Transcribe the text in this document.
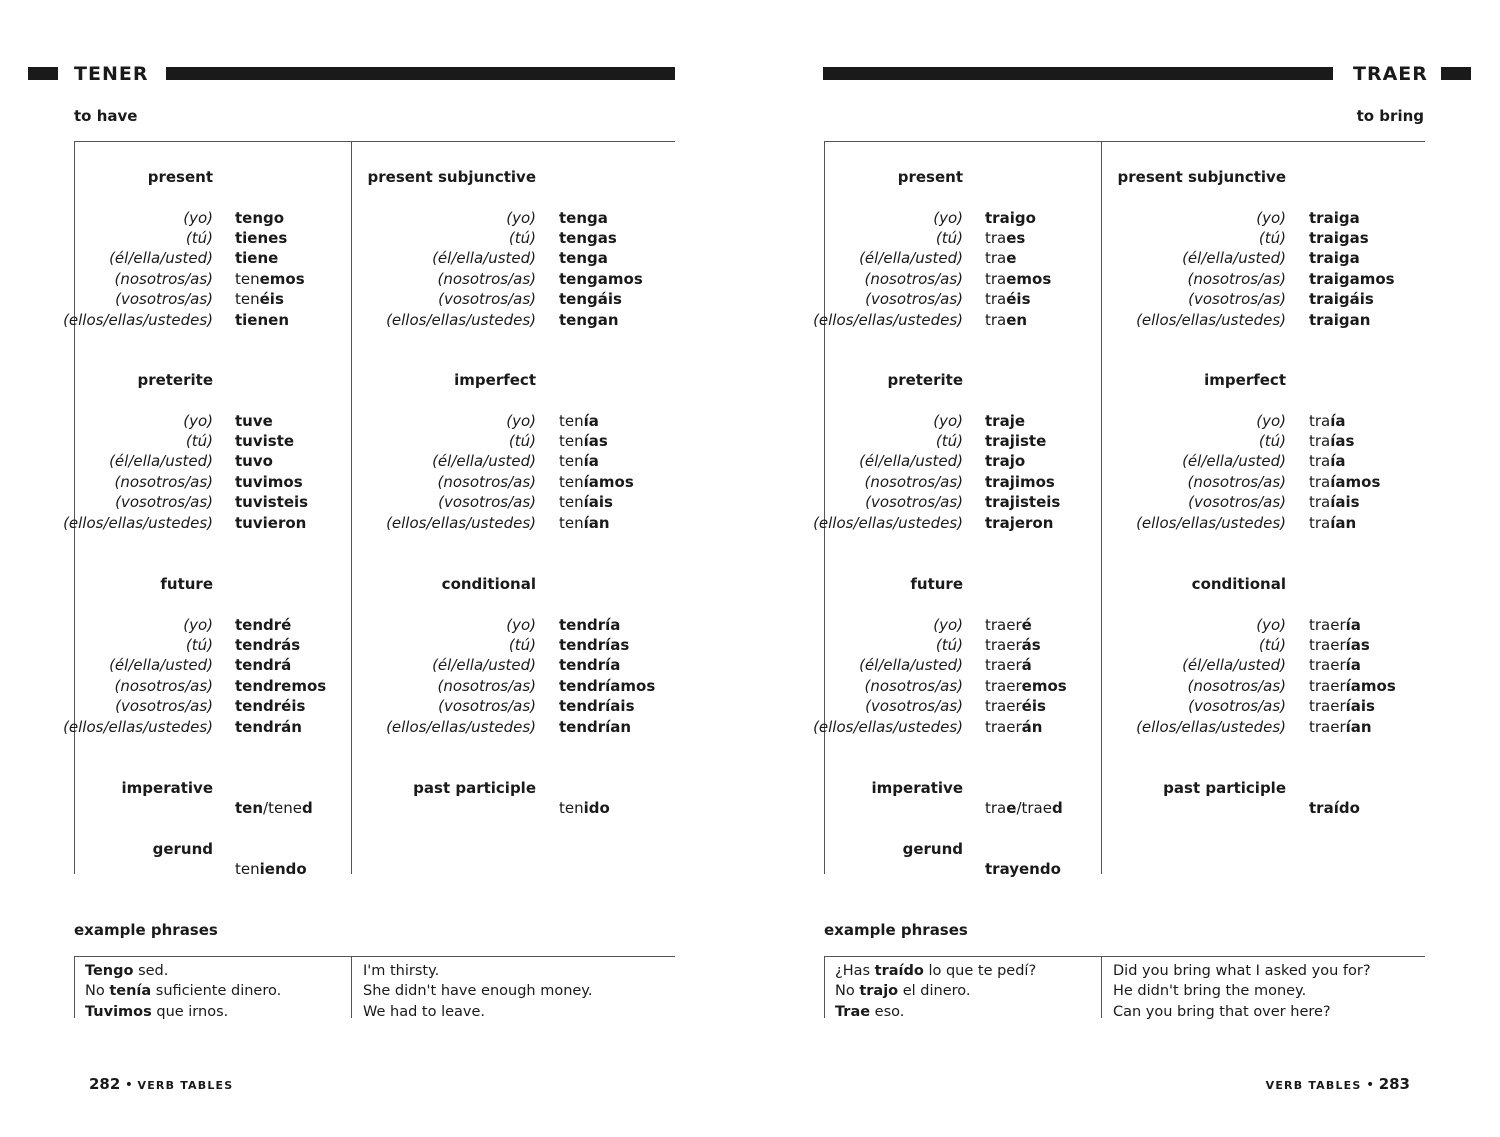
TENER
to have
present
(yo) tengo
(tú) tienes
(él/ella/usted) tiene
(nosotros/as) tenemos
(vosotros/as) tenéis
(ellos/ellas/ustedes) tienen
present subjunctive
(yo) tenga
(tú) tengas
(él/ella/usted) tenga
(nosotros/as) tengamos
(vosotros/as) tengáis
(ellos/ellas/ustedes) tengan
preterite
(yo) tuve
(tú) tuviste
(él/ella/usted) tuvo
(nosotros/as) tuvimos
(vosotros/as) tuvisteis
(ellos/ellas/ustedes) tuvieron
imperfect
(yo) tenía
(tú) tenías
(él/ella/usted) tenía
(nosotros/as) teníamos
(vosotros/as) teníais
(ellos/ellas/ustedes) tenían
future
(yo) tendré
(tú) tendrás
(él/ella/usted) tendrá
(nosotros/as) tendremos
(vosotros/as) tendréis
(ellos/ellas/ustedes) tendrán
conditional
(yo) tendría
(tú) tendrías
(él/ella/usted) tendría
(nosotros/as) tendríamos
(vosotros/as) tendríais
(ellos/ellas/ustedes) tendrían
imperative
ten/tened
past participle
tenido
gerund
teniendo
example phrases
Tengo sed.	I'm thirsty.
No tenía suficiente dinero.	She didn't have enough money.
Tuvimos que irnos.	We had to leave.
282 • VERB TABLES
TRAER
to bring
present
(yo) traigo
(tú) traes
(él/ella/usted) trae
(nosotros/as) traemos
(vosotros/as) traéis
(ellos/ellas/ustedes) traen
present subjunctive
(yo) traiga
(tú) traigas
(él/ella/usted) traiga
(nosotros/as) traigamos
(vosotros/as) traigáis
(ellos/ellas/ustedes) traigan
preterite
(yo) traje
(tú) trajiste
(él/ella/usted) trajo
(nosotros/as) trajimos
(vosotros/as) trajisteis
(ellos/ellas/ustedes) trajeron
imperfect
(yo) traía
(tú) traías
(él/ella/usted) traía
(nosotros/as) traíamos
(vosotros/as) traíais
(ellos/ellas/ustedes) traían
future
(yo) traeré
(tú) traerás
(él/ella/usted) traerá
(nosotros/as) traeremos
(vosotros/as) traeréis
(ellos/ellas/ustedes) traerán
conditional
(yo) traería
(tú) traerías
(él/ella/usted) traería
(nosotros/as) traeríamos
(vosotros/as) traeríais
(ellos/ellas/ustedes) traerían
imperative
trae/traed
past participle
traído
gerund
trayendo
example phrases
¿Has traído lo que te pedí?	Did you bring what I asked you for?
No trajo el dinero.	He didn't bring the money.
Trae eso.	Can you bring that over here?
VERB TABLES • 283
